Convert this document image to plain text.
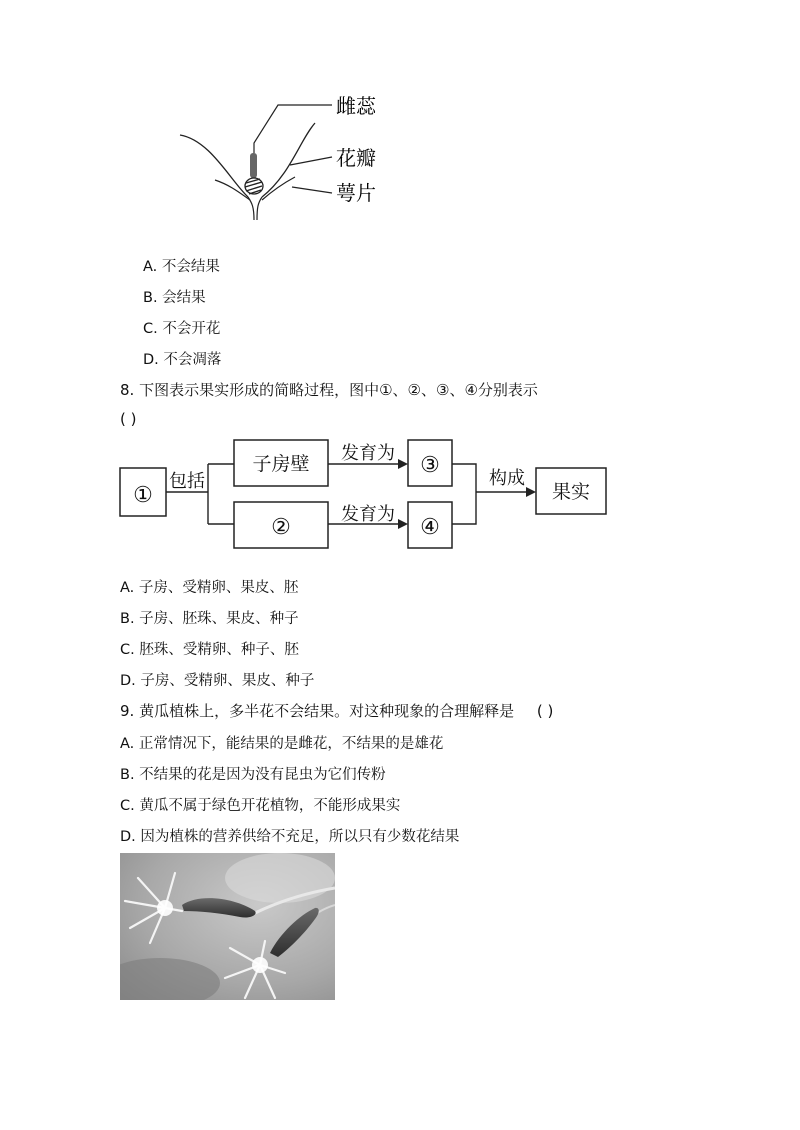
雌蕊
花瓣
萼片
A. 不会结果
B. 会结果
C. 不会开花
D. 不会凋落
8. 下图表示果实形成的简略过程，图中①、②、③、④分别表示
( )
①
包括
子房壁 发育为 ③
②
发育为
④
构成
果实
A. 子房、受精卵、果皮、胚
B. 子房、胚珠、果皮、种子
C. 胚珠、受精卵、种子、胚
D. 子房、受精卵、果皮、种子
9. 黄瓜植株上，多半花不会结果。对这种现象的合理解释是 ( )
A. 正常情况下，能结果的是雌花，不结果的是雄花
B. 不结果的花是因为没有昆虫为它们传粉
C. 黄瓜不属于绿色开花植物，不能形成果实
D. 因为植株的营养供给不充足，所以只有少数花结果
